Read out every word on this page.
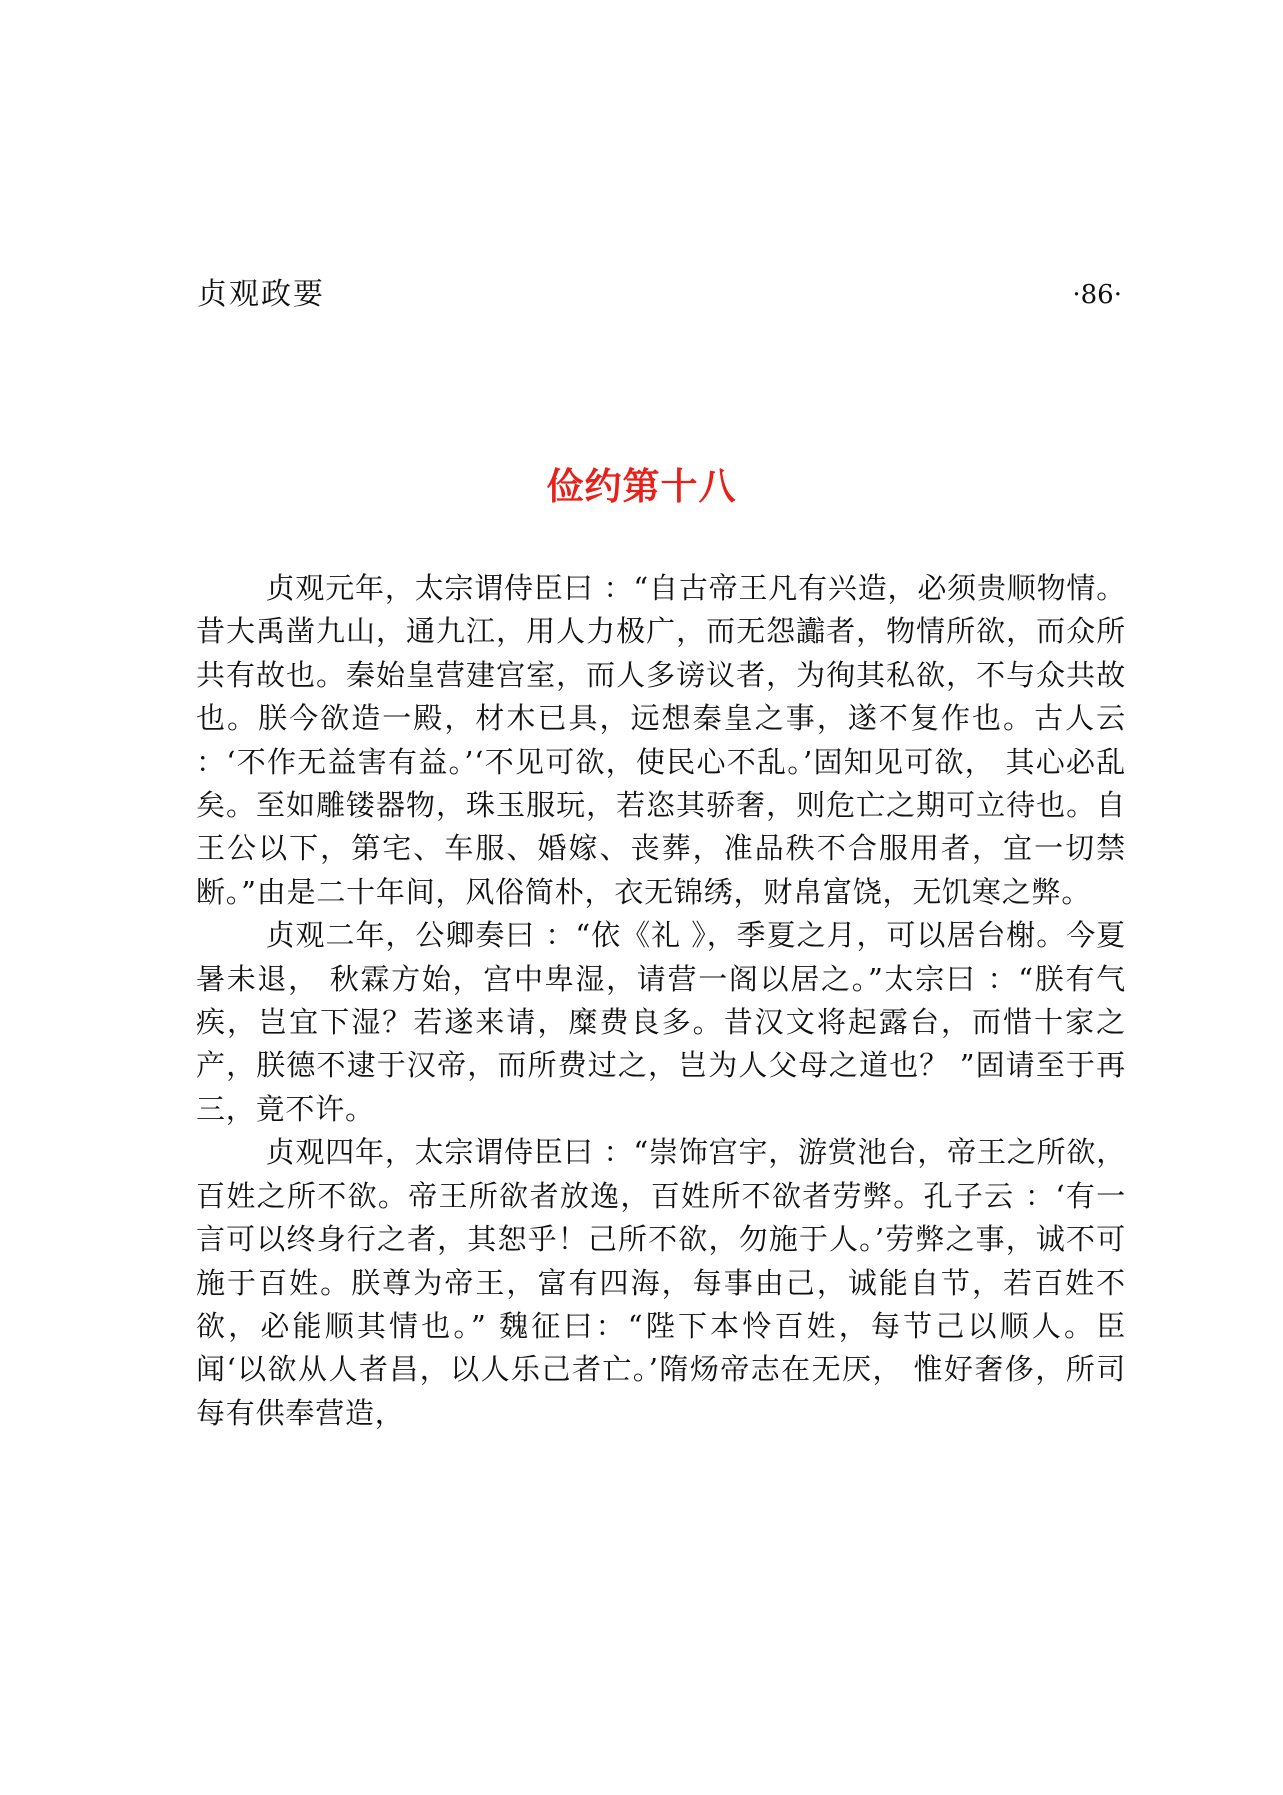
贞观政要	·86·
俭约第十八

贞观元年，太宗谓侍臣曰 ：“自古帝王凡有兴造，必须贵顺物情。昔大禹凿九山，通九江，用人力极广，而无怨讟者，物情所欲，而众所共有故也。秦始皇营建宫室，而人多谤议者，为徇其私欲，不与众共故也。朕今欲造一殿，材木已具，远想秦皇之事，遂不复作也。古人云 ：‘不作无益害有益。’‘不见可欲，使民心不乱。’固知见可欲， 其心必乱矣。至如雕镂器物，珠玉服玩，若恣其骄奢，则危亡之期可立待也。自王公以下，第宅、车服、婚嫁、丧葬，准品秩不合服用者，宜一切禁断。”由是二十年间，风俗简朴，衣无锦绣，财帛富饶，无饥寒之弊。

贞观二年，公卿奏曰 ：“依《礼 》，季夏之月，可以居台榭。今夏暑未退， 秋霖方始，宫中卑湿，请营一阁以居之。”太宗曰 ：“朕有气疾，岂宜下湿？若遂来请，糜费良多。昔汉文将起露台，而惜十家之产，朕德不逮于汉帝，而所费过之，岂为人父母之道也？ ”固请至于再三，竟不许。

贞观四年，太宗谓侍臣曰 ：“崇饰宫宇，游赏池台，帝王之所欲，百姓之所不欲。帝王所欲者放逸，百姓所不欲者劳弊。孔子云 ：‘有一言可以终身行之者，其恕乎！己所不欲，勿施于人。’劳弊之事，诚不可施于百姓。朕尊为帝王，富有四海，每事由己，诚能自节，若百姓不欲，必能顺其情也。” 魏征曰：“陛下本怜百姓，每节己以顺人。臣闻‘以欲从人者昌，以人乐己者亡。’隋炀帝志在无厌， 惟好奢侈，所司每有供奉营造，
